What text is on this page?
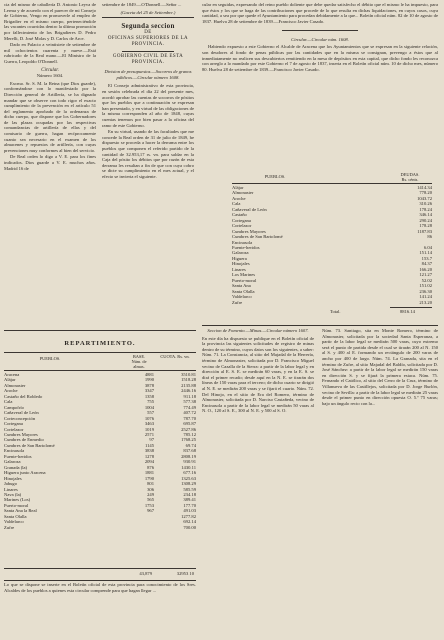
cia del mismo de caballería D. Antonio Leyva de Lerma y de acuerdo con el parecer de mi Consejo de Gobierno, Vengo en promoverle al empleo de Brigadier en el mismo cuerpo, perteneciéndole las vacantes ocurridas dentro la última promoción por fallecimiento de los Brigadieres D. Pedro Merelli, D. José Molas y D. Carlos de Arce.

Dado en Palacio a veintisiete de setiembre de mil ochocientos cuarenta y nueve.—Está rubricado de la Real mano.—El Ministro de la Guerra, Leopoldo O'Donnell.

Circular.
Número 1604.

Excmo. Sr. S. M. la Reina (que Dios guarde), conformándose con lo manifestado por la Dirección general de Artillería, se ha dignado mandar que se observe con todo rigor el exacto cumplimiento de la prevención en el artículo 51 del reglamento aprobado de la ordenanza de dicho cuerpo, que dispone que los Gobernadores de las plazas ocupadas por las respectivas comandancias de artillería de ellas y del comisario de guerra, hagan recíprocamente cuanto sea necesario en el examen de los almacenes y repuestos de artillería, con cuyas prevenciones muy conformes al bien del servicio.

De Real orden lo digo a V. E. para los fines indicados. Dios guarde a V. E. muchos años. Madrid 16 de

setiembre de 1849.—O'Donnell.—Señor ...
(Gaceta del 25 de Setiembre.)
Segunda seccion
DE
OFICINAS SUPERIORES DE LA PROVINCIA.
GOBIERNO CIVIL DE ESTA PROVINCIA.
Division de presupuestos.—Socorros de granos públicos.—Circular número 1608.

El Consejo administrativo de esta provincia, en sesión celebrada el día 22 del presente mes, acordó aprobar las cuentas de socorros de pósitos que los pueblos que a continuación se expresan han presentado, y en virtud de las obligaciones de la misma corresponden al año de 1848, cuyas cuentas tenemos por bien pasar a la oficina del ramo de este Gobierno.

En su virtud, usando de las facultades que me concede la Real orden de 31 de julio de 1849, he dispuesto se proceda a hacer la derrama entre los pueblos que componen el referido partido de la cantidad de 32.953,17 rs. vn. para saldar en la Caja del pósito los débitos que por razón de esta derrama les resultan a fin de que con cuya cobro se dicte su cumplimiento en el mes actual, y el efecto se invierta el siguiente.

cular en seguidas, expresando del reino pueblo doliente que debe quedar satisfecho el débito que el mismo le ha impuesto, para que éstos y los que se haga de las contribuciones que procede de lo que resulta en dichas liquidaciones, en cuyos casos, cuya cantidad, a sea por que quede el Ayuntamiento para procedan debidamente a la que... Boletín oficial núm. 82 de 10 de agosto de 1837. Huelva 28 de setiembre de 1839.—Francisco Javier Casado.

Circular.—Circular núm. 1608.

Habiendo expuesto a este Gobierno el Alcalde de Aracena que los Ayuntamientos que se expresan en la siguiente relación, son deudores al fondo de penas públicas por las cantidades que en la misma se consignan, prevengo a éstos que al inmediatamente no realicen sus descubiertos remitiendo en la mesa de depósitos en esta capital, que dicho fondo les reconozca con arreglo a lo mandado por este Gobierno el 7 de agosto de 1837, inserta en el Boletín oficial núm. 10 de dicho mes, número 80. Huelva 28 de setiembre de 1839.—Francisco Javier Casado.

PUEBLOS.	DEUDAS.
Rs. cénts.
Alájar	1414.34
Almonaster	778.20
Aroche	1043.72
Cala	310.26
Cañaveral de León	178.24
Castaño	346.14
Cortegana	290.24
Cortelazor	178.28
Cumbres Mayores	1187.83
Cumbres de San Bartolomé	86
Encinasola	
Fuente-heridos	6.04
Galaroza	151.14
Higuera	153.7
Hinojales	84.37
Linares	166.20
Los Marines	121.27
Puerto-moral	52.02
Santa Ana	151.02
Santa Olalla	236.30
Valdelarco	141.24
Zufre	213.20
Total.	8816.14
REPARTIMIENTO.
PUEBLOS.	BASE. Núm. de almas.
CUOTA. Rs. vn.
Aracena	4881	3510.81
Alájar	1990	1518.28
Almonaster	3878	2135.88
Aroche	3347	2446.16
Castaño del Robledo	1358	911.18
Cala	755	577.38
Campofrío	1004	774.49
Cañaveral de León	557	407.72
Corteconcepción	1076	787.70
Cortegana	3463	695.87
Cortelazor	1019	2527.86
Cumbres Mayores	2571	785.12
Cumbres de Enmedio	97	1768.25
Cumbres de San Bartolomé	1145	69.74
Encinasola	3838	837.68
Fuente-heridos	1278	2808.19
Galaroza	2094	930.91
Granada (la)	876	1430.11
Higuera junto Aracena	1881	677.16
Hinojales	1790	1325.63
Jabugo	801	1308.29
Linares	306	585.59
Nava (la)	249	234.18
Marines (Los)	565	389.41
Puerto-moral	1753	177.70
Santa Ana la Real	967	491.03
Santa Olalla		1277.82
Valdelarco		692.14
Zufre		700.00
43,879	32953 10
Lo que se dispone se inserte en el Boletín oficial de esta provincia para conocimiento de los Sres. Alcaldes de los pueblos a quienes esta circular comprende para que hagan llegar ...
Seccion de Fomento.—Minas.—Circular número 1607.
En este día ha dispuesto se publique en el Boletín oficial de la provincia las siguientes solicitudes de registro de minas dentro de su término, cuyos datos son los siguientes, a saber: Núm. 71. La Constancia, al sitio del Majadal de la Herrería, término de Almonaster, solicitada por D. Francisco Miguel vecino de Cazalla de la Sierra: a partir de la labor legal y en dirección al E. S. E. se medirán 60 varas, y en la E. S. se dirá el primer recado; desde aquí en la N. E. se tirarán dos líneas de 150 varas para el tercero; de dicho cuarto se dirigió al N. E. se medirán 200 varas y se fijará el cuarto. Núm. 72. Del Hinojo, en el sitio de Era del Romero, término de Almonaster, solicitada por D. Narciso Castañeda, vecino de Encinasola a partir de la labor legal se medirán 50 varas al N. O., 120 al S. E., 300 al N. E. y 500 al S. O.
Núm. 73. Santiago, sita en Monte Romero, término de Almonaster, solicitada por la sociedad Santa Esperanza, a partir de la labor legal se medirán 500 varas, cuyo extremo será el punto de partida desde el cual se tirarán 200 al N. 150 al S. y 400 al E. formando un rectángulo de 200 varas de ancho por 400 de largo. Núm. 74. La Granada, sita en el término de Zufre, al sitio Majadal del Baldío, solicitada por D. José Sánchez: a partir de la labor legal se medirán 150 varas en dirección S. y se fijará la primera estaca. Núm. 75. Fernando el Católico, al sitio del Cerro de la Cruz, término de Villanueva de las Castillejos, solicitada por D. Jorge Burlón, vecino de Sevilla: a partir de la labor legal se medirán 25 varas desde el primer punto en dirección opuesta O. 5.º 75 varas; bajo un ángulo recto con la...
